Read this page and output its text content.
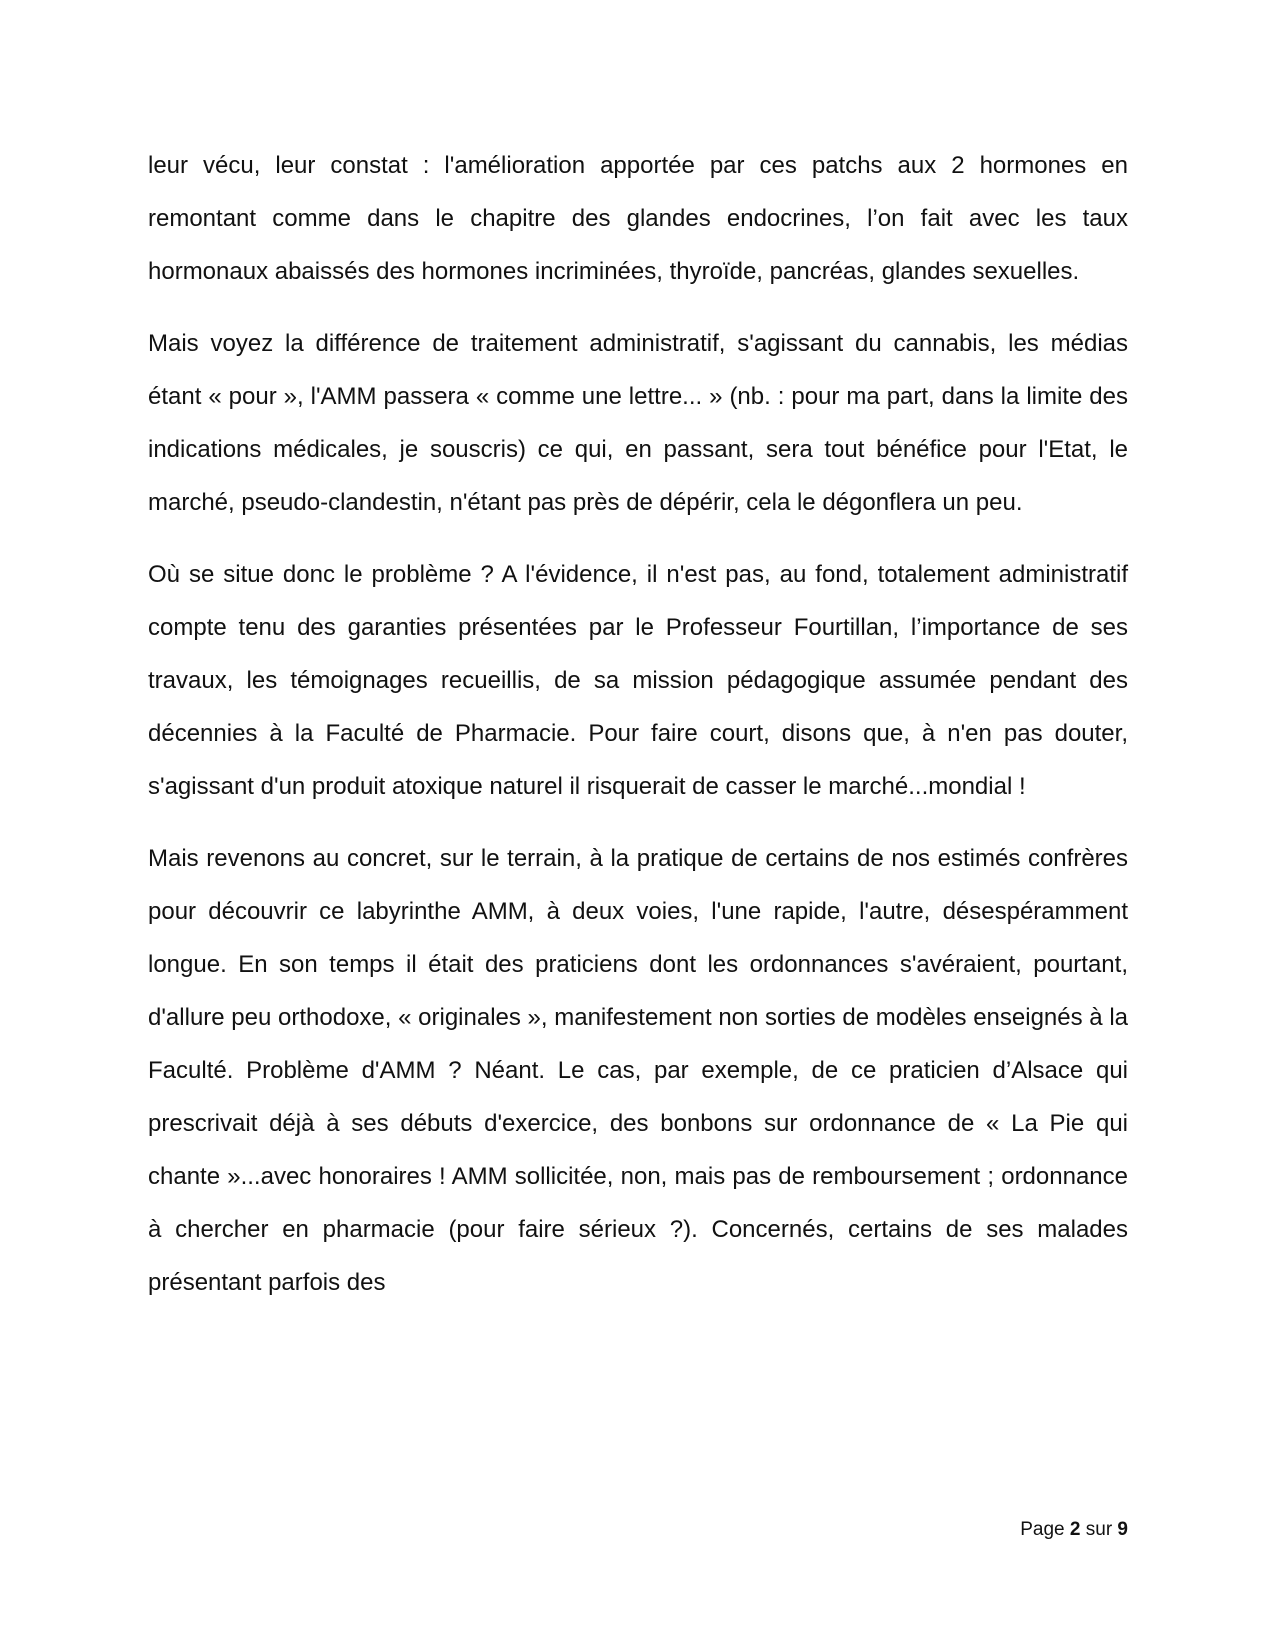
leur vécu, leur constat : l'amélioration apportée par ces patchs aux 2 hormones en remontant comme dans le chapitre des glandes endocrines, l’on fait avec les taux hormonaux abaissés des hormones incriminées, thyroïde, pancréas, glandes sexuelles.

Mais voyez la différence de traitement administratif, s'agissant du cannabis, les médias étant « pour », l'AMM passera « comme une lettre... » (nb. : pour ma part, dans la limite des indications médicales, je souscris) ce qui, en passant, sera tout bénéfice pour l'Etat, le marché, pseudo-clandestin, n'étant pas près de dépérir, cela le dégonflera un peu.

Où se situe donc le problème ? A l'évidence, il n'est pas, au fond, totalement administratif compte tenu des garanties présentées par le Professeur Fourtillan, l’importance de ses travaux, les témoignages recueillis, de sa mission pédagogique assumée pendant des décennies à la Faculté de Pharmacie. Pour faire court, disons que, à n'en pas douter, s'agissant d'un produit atoxique naturel il risquerait de casser le marché...mondial !

Mais revenons au concret, sur le terrain, à la pratique de certains de nos estimés confrères pour découvrir ce labyrinthe AMM, à deux voies, l'une rapide, l'autre, désespéramment longue. En son temps il était des praticiens dont les ordonnances s'avéraient, pourtant, d'allure peu orthodoxe, « originales », manifestement non sorties de modèles enseignés à la Faculté. Problème d'AMM ? Néant. Le cas, par exemple, de ce praticien d’Alsace qui prescrivait déjà à ses débuts d'exercice, des bonbons sur ordonnance de « La Pie qui chante »...avec honoraires ! AMM sollicitée, non, mais pas de remboursement ; ordonnance à chercher en pharmacie (pour faire sérieux ?). Concernés, certains de ses malades présentant parfois des

Page 2 sur 9
